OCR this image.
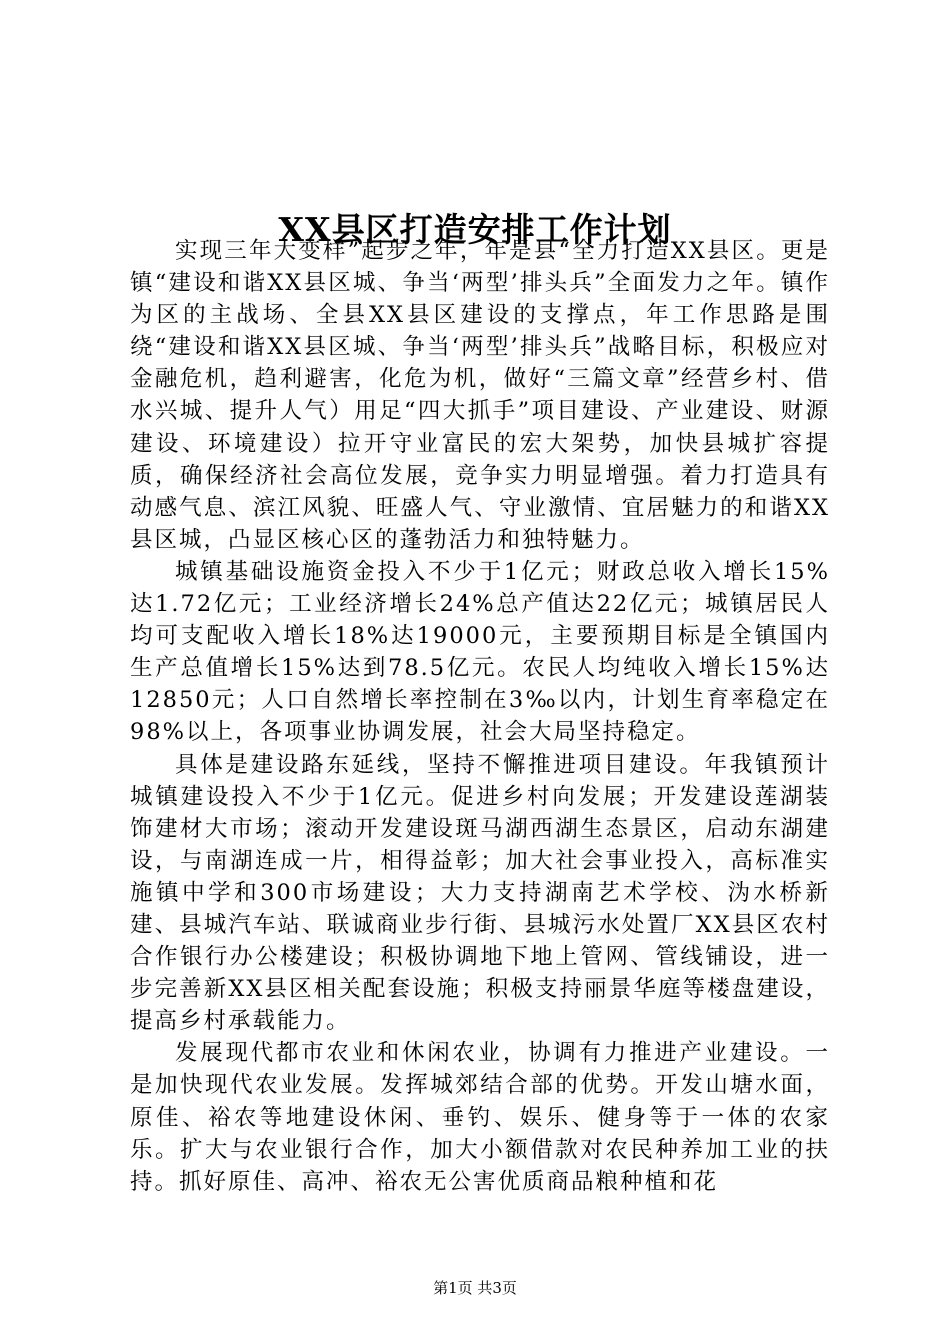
XX县区打造安排工作计划

实现三年大变样”起步之年，年是县“全力打造XX县区。更是镇“建设和谐XX县区城、争当‘两型’排头兵”全面发力之年。镇作为区的主战场、全县XX县区建设的支撑点，年工作思路是围绕“建设和谐XX县区城、争当‘两型’排头兵”战略目标，积极应对金融危机，趋利避害，化危为机，做好“三篇文章”经营乡村、借水兴城、提升人气）用足“四大抓手”项目建设、产业建设、财源建设、环境建设）拉开守业富民的宏大架势，加快县城扩容提质，确保经济社会高位发展，竞争实力明显增强。着力打造具有动感气息、滨江风貌、旺盛人气、守业激情、宜居魅力的和谐XX县区城，凸显区核心区的蓬勃活力和独特魅力。

城镇基础设施资金投入不少于1亿元；财政总收入增长15%达1.72亿元；工业经济增长24%总产值达22亿元；城镇居民人均可支配收入增长18%达19000元，主要预期目标是全镇国内生产总值增长15%达到78.5亿元。农民人均纯收入增长15%达12850元；人口自然增长率控制在3‰以内，计划生育率稳定在98%以上，各项事业协调发展，社会大局坚持稳定。

具体是建设路东延线，坚持不懈推进项目建设。年我镇预计城镇建设投入不少于1亿元。促进乡村向发展；开发建设莲湖装饰建材大市场；滚动开发建设斑马湖西湖生态景区，启动东湖建设，与南湖连成一片，相得益彰；加大社会事业投入，高标准实施镇中学和300市场建设；大力支持湖南艺术学校、沩水桥新建、县城汽车站、联诚商业步行街、县城污水处置厂XX县区农村合作银行办公楼建设；积极协调地下地上管网、管线铺设，进一步完善新XX县区相关配套设施；积极支持丽景华庭等楼盘建设，提高乡村承载能力。

发展现代都市农业和休闲农业，协调有力推进产业建设。一是加快现代农业发展。发挥城郊结合部的优势。开发山塘水面，原佳、裕农等地建设休闲、垂钓、娱乐、健身等于一体的农家乐。扩大与农业银行合作，加大小额借款对农民种养加工业的扶持。抓好原佳、高冲、裕农无公害优质商品粮种植和花

第1页 共3页
